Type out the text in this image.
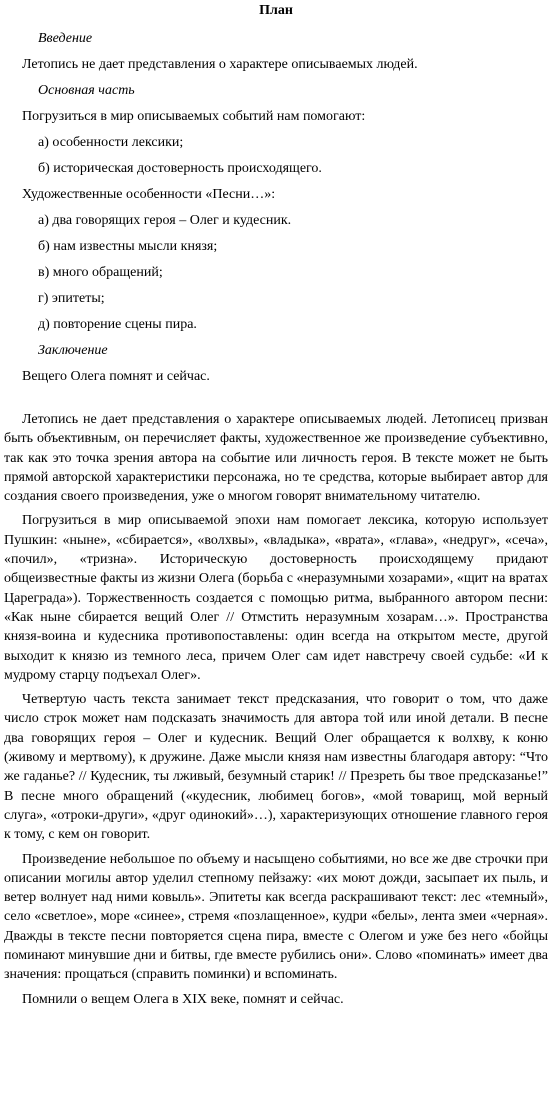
План
Введение
Летопись не дает представления о характере описываемых людей.
Основная часть
Погрузиться в мир описываемых событий нам помогают:
а) особенности лексики;
б) историческая достоверность происходящего.
Художественные особенности «Песни…»:
а) два говорящих героя – Олег и кудесник.
б) нам известны мысли князя;
в) много обращений;
г) эпитеты;
д) повторение сцены пира.
Заключение
Вещего Олега помнят и сейчас.

Летопись не дает представления о характере описываемых людей. Летописец призван быть объективным, он перечисляет факты, художественное же произведение субъективно, так как это точка зрения автора на событие или личность героя. В тексте может не быть прямой авторской характеристики персонажа, но те средства, которые выбирает автор для создания своего произведения, уже о многом говорят внимательному читателю.

Погрузиться в мир описываемой эпохи нам помогает лексика, которую использует Пушкин: «ныне», «сбирается», «волхвы», «владыка», «врата», «глава», «недруг», «сеча», «почил», «тризна». Историческую достоверность происходящему придают общеизвестные факты из жизни Олега (борьба с «неразумными хозарами», «щит на вратах Цареграда»). Торжественность создается с помощью ритма, выбранного автором песни: «Как ныне сбирается вещий Олег // Отмстить неразумным хозарам…». Пространства князя-воина и кудесника противопоставлены: один всегда на открытом месте, другой выходит к князю из темного леса, причем Олег сам идет навстречу своей судьбе: «И к мудрому старцу подъехал Олег».

Четвертую часть текста занимает текст предсказания, что говорит о том, что даже число строк может нам подсказать значимость для автора той или иной детали. В песне два говорящих героя – Олег и кудесник. Вещий Олег обращается к волхву, к коню (живому и мертвому), к дружине. Даже мысли князя нам известны благодаря автору: “Что же гаданье? // Кудесник, ты лживый, безумный старик! // Презреть бы твое предсказанье!” В песне много обращений («кудесник, любимец богов», «мой товарищ, мой верный слуга», «отроки-други», «друг одинокий»…), характеризующих отношение главного героя к тому, с кем он говорит.

Произведение небольшое по объему и насыщено событиями, но все же две строчки при описании могилы автор уделил степному пейзажу: «их моют дожди, засыпает их пыль, и ветер волнует над ними ковыль». Эпитеты как всегда раскрашивают текст: лес «темный», село «светлое», море «синее», стремя «позлащенное», кудри «белы», лента змеи «черная». Дважды в тексте песни повторяется сцена пира, вместе с Олегом и уже без него «бойцы поминают минувшие дни и битвы, где вместе рубились они». Слово «поминать» имеет два значения: прощаться (справить поминки) и вспоминать.

Помнили о вещем Олега в XIX веке, помнят и сейчас.
